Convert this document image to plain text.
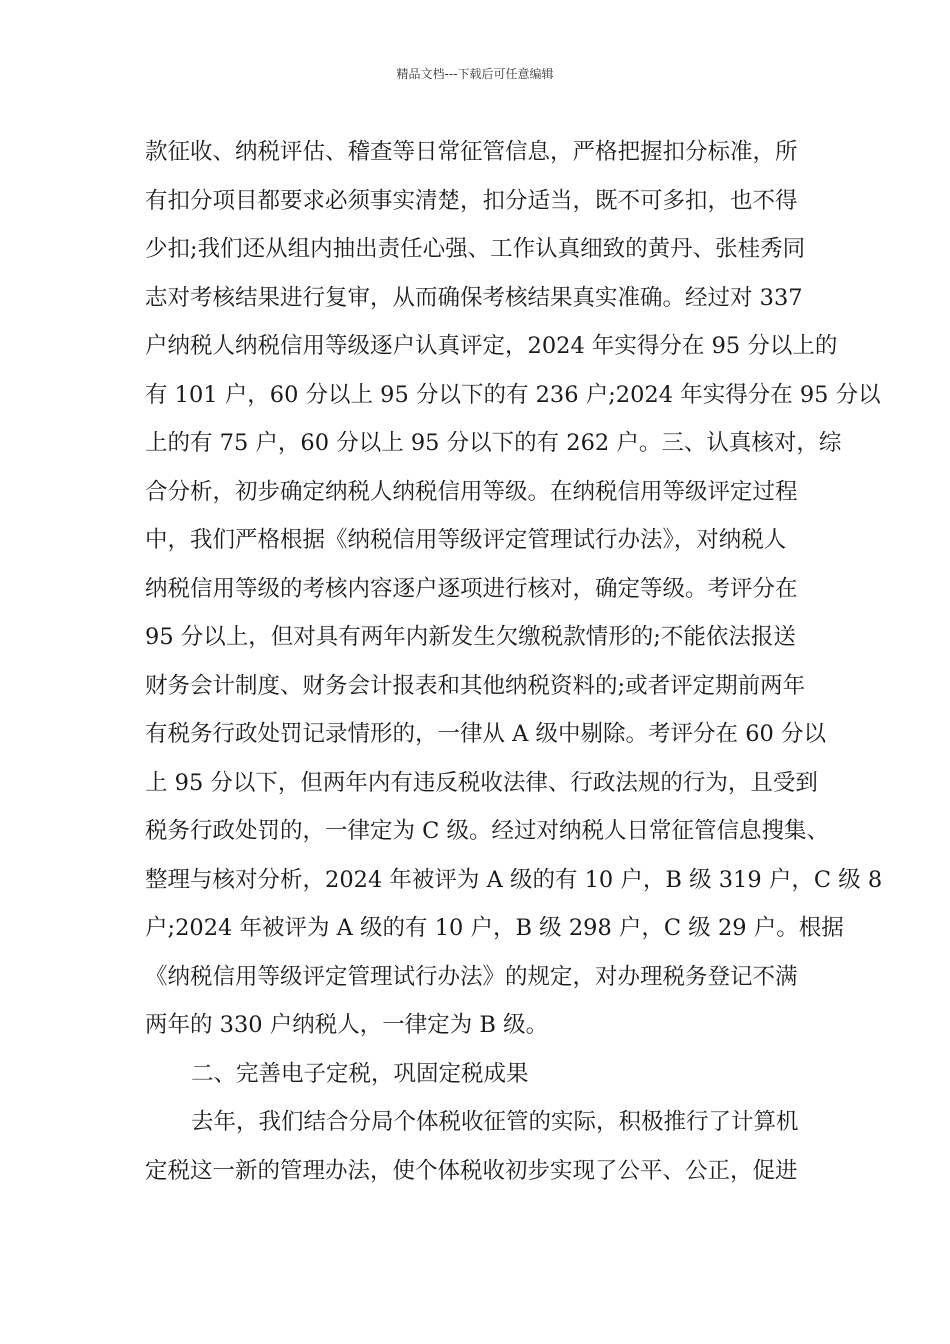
精品文档---下载后可任意编辑
款征收、纳税评估、稽查等日常征管信息，严格把握扣分标准，所
有扣分项目都要求必须事实清楚，扣分适当，既不可多扣，也不得
少扣;我们还从组内抽出责任心强、工作认真细致的黄丹、张桂秀同
志对考核结果进行复审，从而确保考核结果真实准确。经过对 337
户纳税人纳税信用等级逐户认真评定，2024 年实得分在 95 分以上的
有 101 户，60 分以上 95 分以下的有 236 户;2024 年实得分在 95 分以
上的有 75 户，60 分以上 95 分以下的有 262 户。三、认真核对，综
合分析，初步确定纳税人纳税信用等级。在纳税信用等级评定过程
中，我们严格根据《纳税信用等级评定管理试行办法》，对纳税人
纳税信用等级的考核内容逐户逐项进行核对，确定等级。考评分在
95 分以上，但对具有两年内新发生欠缴税款情形的;不能依法报送
财务会计制度、财务会计报表和其他纳税资料的;或者评定期前两年
有税务行政处罚记录情形的，一律从 A 级中剔除。考评分在 60 分以
上 95 分以下，但两年内有违反税收法律、行政法规的行为，且受到
税务行政处罚的，一律定为 C 级。经过对纳税人日常征管信息搜集、
整理与核对分析，2024 年被评为 A 级的有 10 户，B 级 319 户，C 级 8
户;2024 年被评为 A 级的有 10 户，B 级 298 户，C 级 29 户。根据
《纳税信用等级评定管理试行办法》的规定，对办理税务登记不满
两年的 330 户纳税人，一律定为 B 级。
二、完善电子定税，巩固定税成果
去年，我们结合分局个体税收征管的实际，积极推行了计算机
定税这一新的管理办法，使个体税收初步实现了公平、公正，促进
